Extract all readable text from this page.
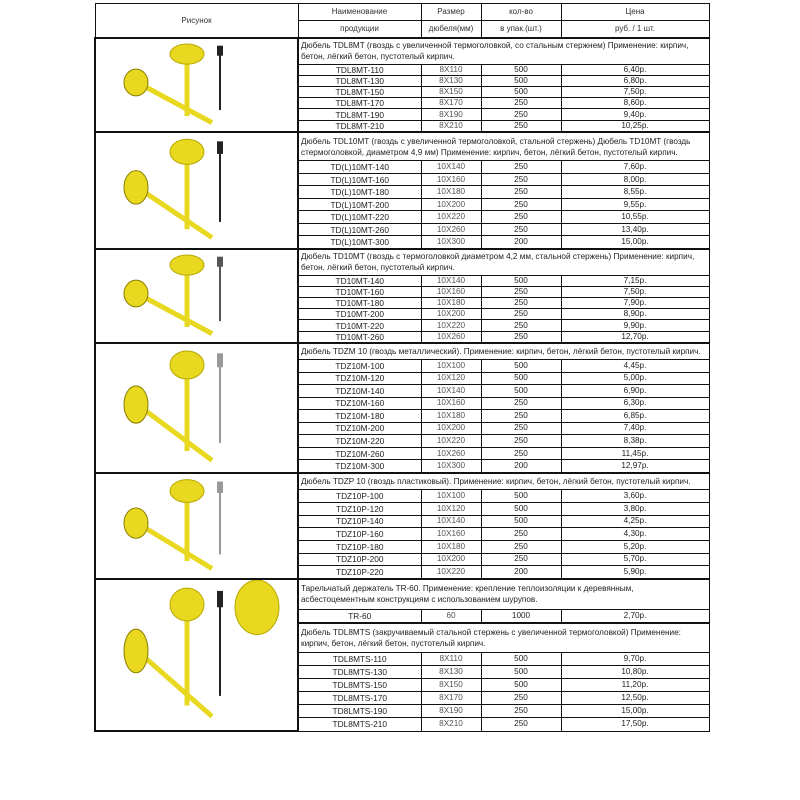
Рисунок	Наименование	Размер	кол-во	Цена
	продукции	дюбеля(мм)	в упак.(шт.)	руб. / 1 шт.

	Дюбель TDL8MT (гвоздь с увеличенной термоголовкой, со стальным стержнем) Применение: кирпич, бетон, лёгкий бетон, пустотелый кирпич.			
	TDL8MT-110	8X110	500	6,40р.
	TDL8MT-130	8X130	500	6,80р.
	TDL8MT-150	8X150	500	7,50р.
	TDL8MT-170	8X170	250	8,60р.
	TDL8MT-190	8X190	250	9,40р.
	TDL8MT-210	8X210	250	10,25р.

	Дюбель TDL10MT (гвоздь с увеличенной термоголовкой, стальной стержень) Дюбель TD10MT (гвоздь стермоголовкой, диаметром 4,9 мм) Применение: кирпич, бетон, лёгкий бетон, пустотелый кирпич.			
	TD(L)10MT-140	10X140	250	7,60р.
	TD(L)10MT-160	10X160	250	8,00р.
	TD(L)10MT-180	10X180	250	8,55р.
	TD(L)10MT-200	10X200	250	9,55р.
	TD(L)10MT-220	10X220	250	10,55р.
	TD(L)10MT-260	10X260	250	13,40р.
	TD(L)10MT-300	10X300	200	15,00р.

	Дюбель TD10MT (гвоздь с термоголовкой диаметром 4,2 мм, стальной стержень) Применение: кирпич, бетон, лёгкий бетон, пустотелый кирпич.			
	TD10MT-140	10X140	500	7,15р.
	TD10MT-160	10X160	250	7,50р.
	TD10MT-180	10X180	250	7,90р.
	TD10MT-200	10X200	250	8,90р.
	TD10MT-220	10X220	250	9,90р.
	TD10MT-260	10X260	250	12,70р.

	Дюбель TDZM 10 (гвоздь металлический). Применение: кирпич, бетон, лёгкий бетон, пустотелый кирпич.			
	TDZ10M-100	10X100	500	4,45р.
	TDZ10M-120	10X120	500	5,00р.
	TDZ10M-140	10X140	500	6,90р.
	TDZ10M-160	10X160	250	6,30р.
	TDZ10M-180	10X180	250	6,85р.
	TDZ10M-200	10X200	250	7,40р.
	TDZ10M-220	10X220	250	8,38р.
	TDZ10M-260	10X260	250	11,45р.
	TDZ10M-300	10X300	200	12,97р.

	Дюбель TDZP 10 (гвоздь пластиковый). Применение: кирпич, бетон, лёгкий бетон, пустотелый кирпич.			
	TDZ10P-100	10X100	500	3,60р.
	TDZ10P-120	10X120	500	3,80р.
	TDZ10P-140	10X140	500	4,25р.
	TDZ10P-160	10X160	250	4,30р.
	TDZ10P-180	10X180	250	5,20р.
	TDZ10P-200	10X200	250	5,70р.
	TDZ10P-220	10X220	200	5,90р.

	Тарельчатый держатель TR-60. Применение: крепление теплоизоляции к деревянным, асбестоцементным конструкциям с использованием шурупов.			
	TR-60	60	1000	2,70р.
	Дюбель TDL8MTS (закручиваемый стальной стержень с увеличенной термоголовкой) Применение: кирпич, бетон, лёгкий бетон, пустотелый кирпич.			
	TDL8MTS-110	8X110	500	9,70р.
	TDL8MTS-130	8X130	500	10,80р.
	TDL8MTS-150	8X150	500	11,20р.
	TDL8MTS-170	8X170	250	12,50р.
	TD8LMTS-190	8X190	250	15,00р.
	TDL8MTS-210	8X210	250	17,50р.
